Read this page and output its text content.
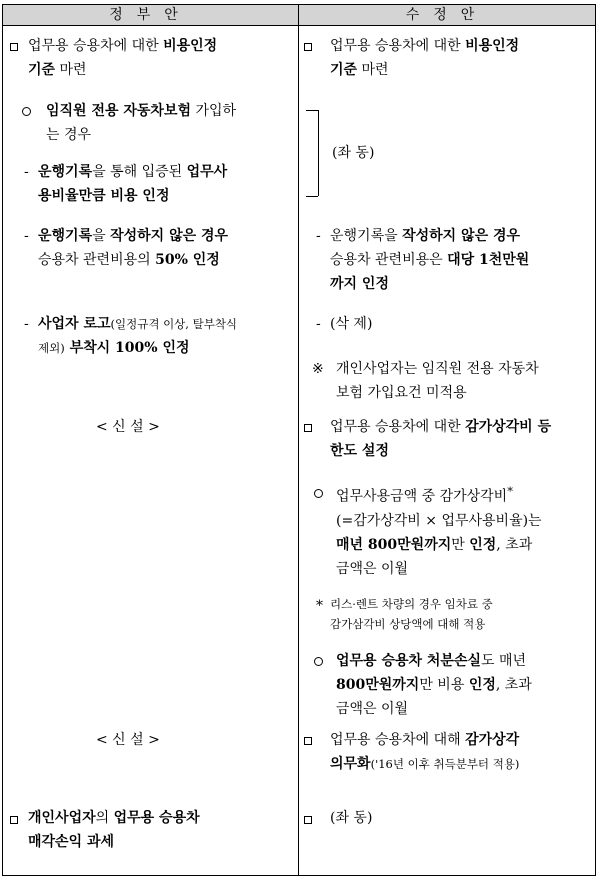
정부안	수정안
업무용 승용차에 대한 비용인정
기준 마련
임직원 전용 자동차보험 가입하
는 경우
- 운행기록을 통해 입증된 업무사
용비율만큼 비용 인정
- 운행기록을 작성하지 않은 경우
승용차 관련비용의 50% 인정
- 사업자 로고(일정규격 이상, 탈부착식
제외) 부착시 100% 인정
< 신 설 >
< 신 설 >
개인사업자의 업무용 승용차
매각손익 과세
업무용 승용차에 대한 비용인정
기준 마련
(좌 동)
- 운행기록을 작성하지 않은 경우
승용차 관련비용은 대당 1천만원
까지 인정
- (삭 제)
※ 개인사업자는 임직원 전용 자동차
보험 가입요건 미적용
업무용 승용차에 대한 감가상각비 등
한도 설정
업무사용금액 중 감가상각비*
(=감가상각비 × 업무사용비율)는
매년 800만원까지만 인정, 초과
금액은 이월
* 리스·렌트 차량의 경우 임차료 중
감가삼각비 상당액에 대해 적용
업무용 승용차 처분손실도 매년
800만원까지만 비용 인정, 초과
금액은 이월
업무용 승용차에 대해 감가상각
의무화('16년 이후 취득분부터 적용)
(좌 동)
